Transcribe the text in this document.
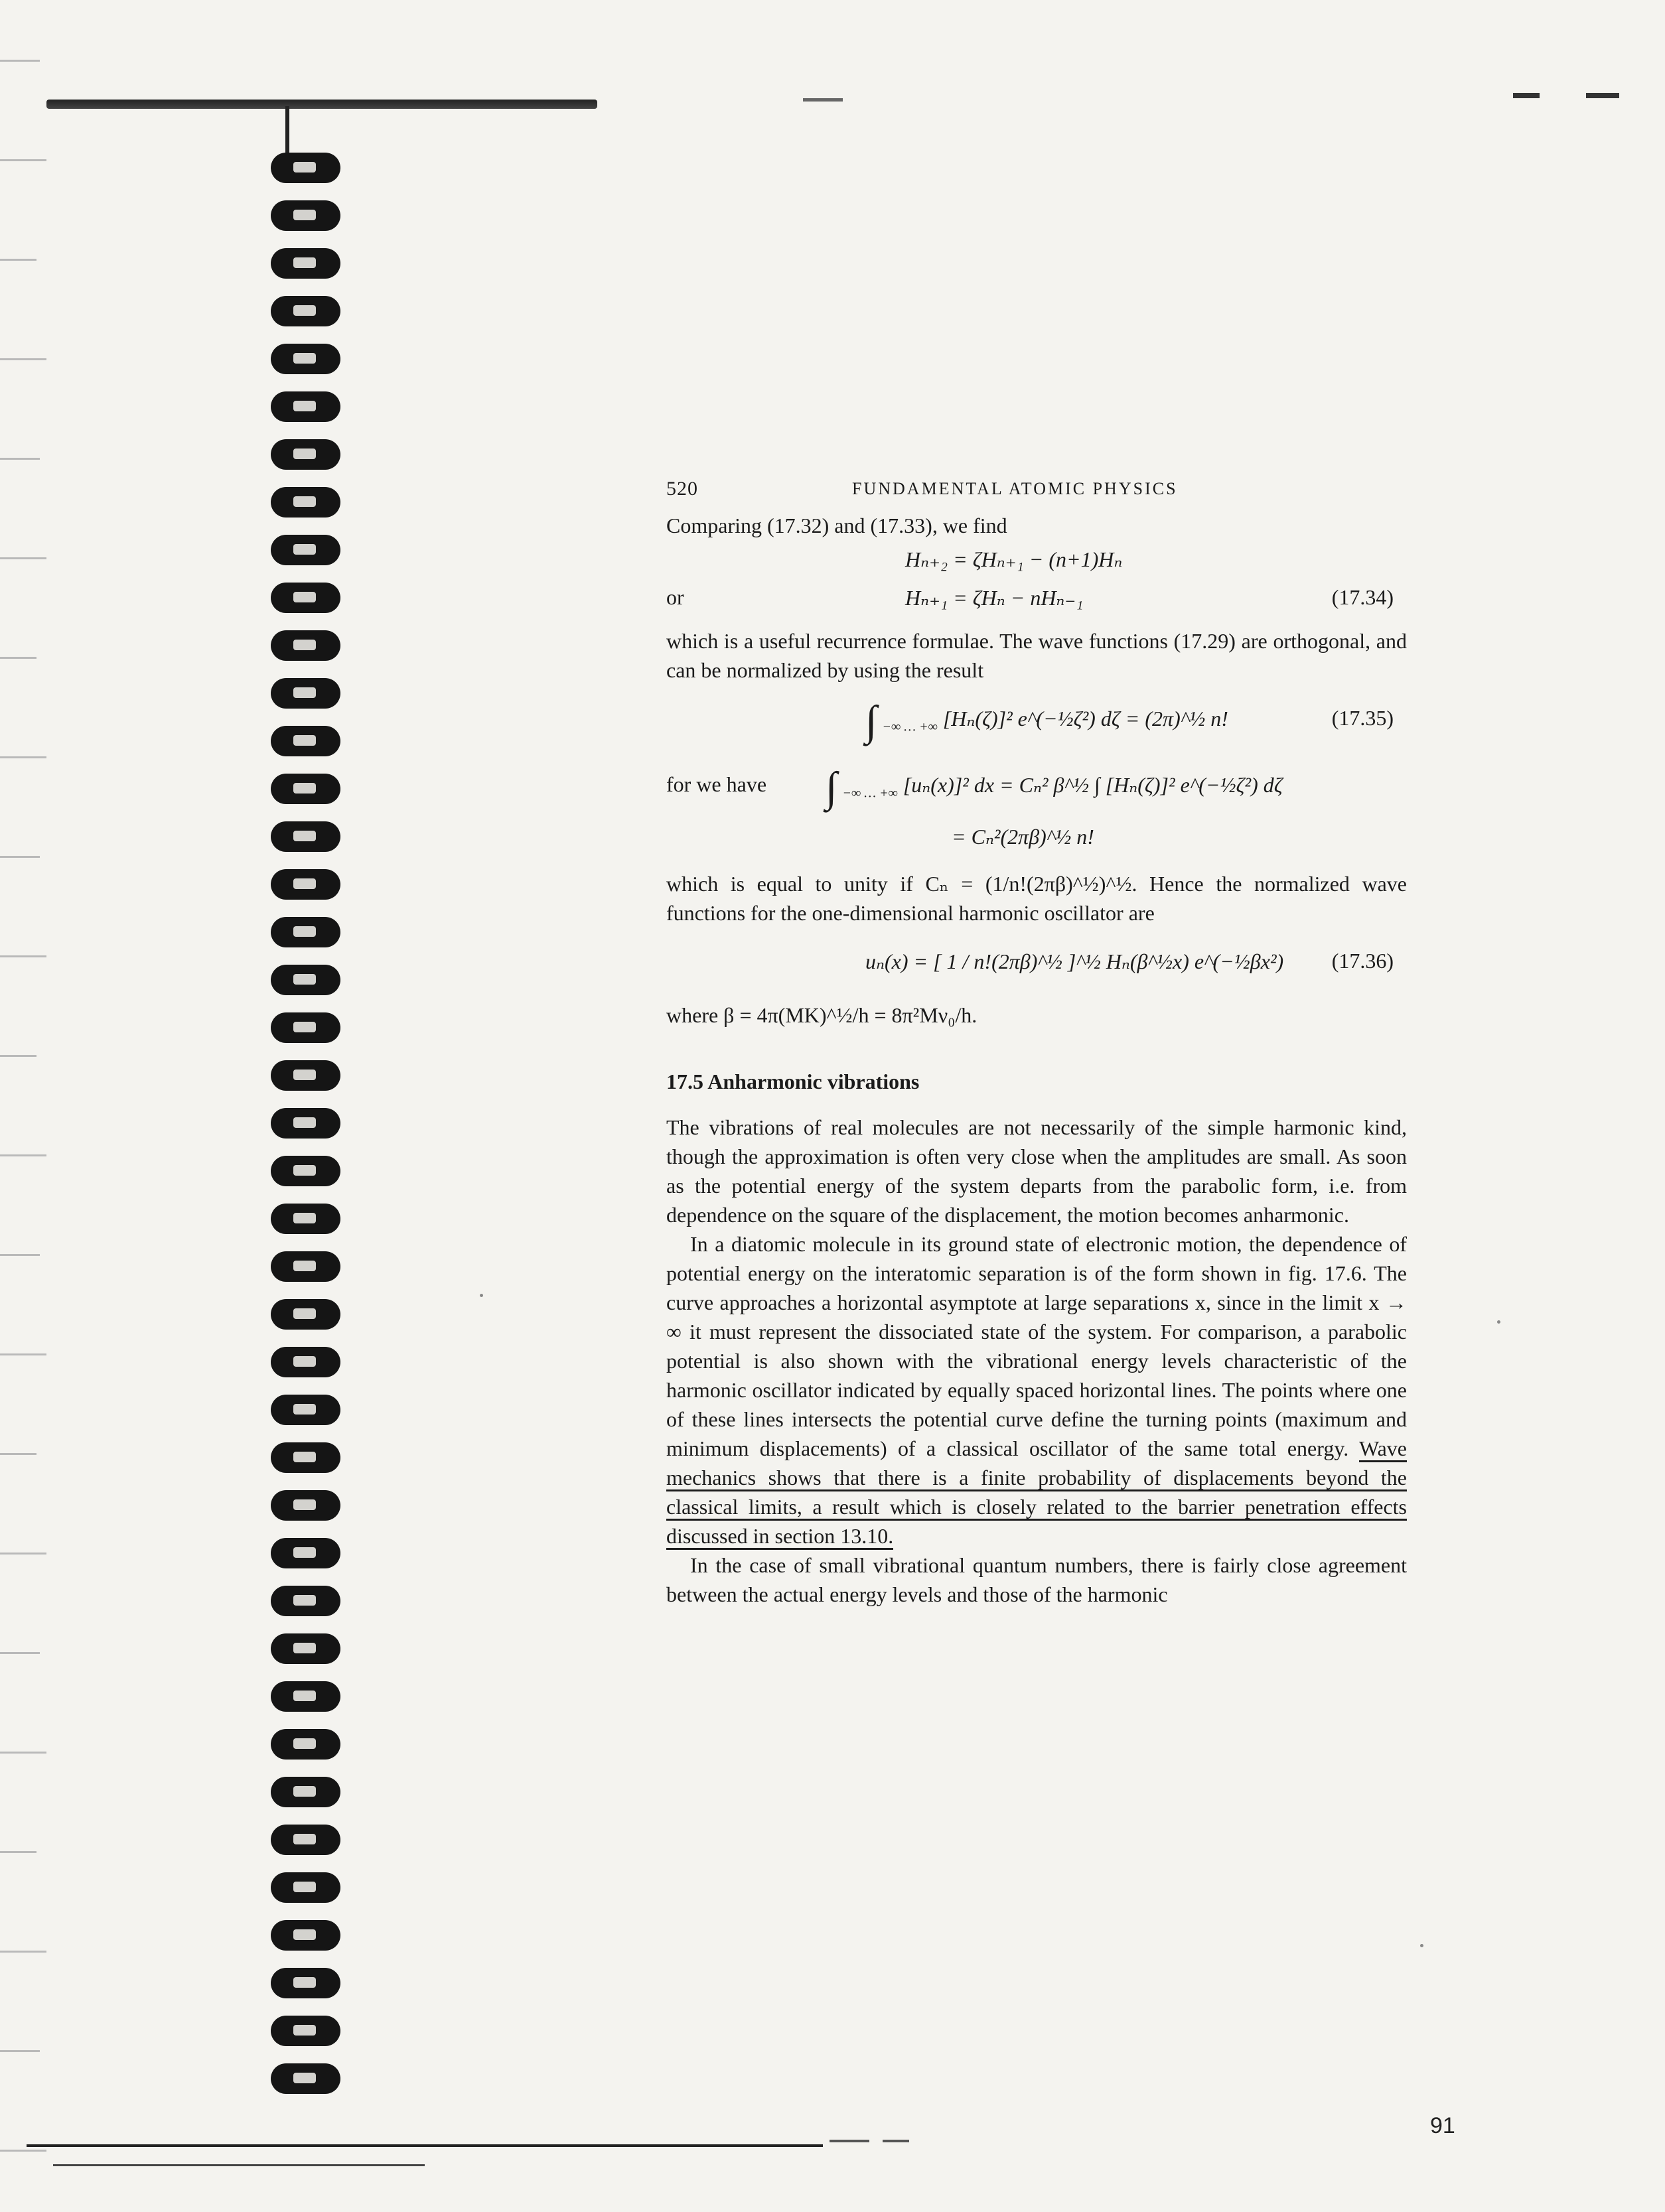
520	FUNDAMENTAL ATOMIC PHYSICS

Comparing (17.32) and (17.33), we find

Hₙ₊₂ = ζHₙ₊₁ − (n+1)Hₙ
or	Hₙ₊₁ = ζHₙ − nHₙ₋₁	(17.34)

which is a useful recurrence formulae. The wave functions (17.29) are orthogonal, and can be normalized by using the result

∫ $_{-\infty \dots +\infty}$ [Hₙ(ζ)]² e^(−½ζ²) dζ = (2π)^½ n!	(17.35)
for we have ∫ $_{-\infty \dots +\infty}$ [uₙ(x)]² dx = Cₙ² β^½ ∫ [Hₙ(ζ)]² e^(−½ζ²) dζ
= Cₙ²(2πβ)^½ n!

which is equal to unity if Cₙ = (1/n!(2πβ)^½)^½. Hence the normalized wave functions for the one-dimensional harmonic oscillator are

uₙ(x) = [ 1 / n!(2πβ)^½ ]^½ Hₙ(β^½x) e^(−½βx²) (17.36)

where β = 4π(MK)^½/h = 8π²Mν₀/h.

17.5 Anharmonic vibrations

The vibrations of real molecules are not necessarily of the simple harmonic kind, though the approximation is often very close when the amplitudes are small. As soon as the potential energy of the system departs from the parabolic form, i.e. from dependence on the square of the displacement, the motion becomes anharmonic.

In a diatomic molecule in its ground state of electronic motion, the dependence of potential energy on the interatomic separation is of the form shown in fig. 17.6. The curve approaches a horizontal asymptote at large separations x, since in the limit x → ∞ it must represent the dissociated state of the system. For comparison, a parabolic potential is also shown with the vibrational energy levels characteristic of the harmonic oscillator indicated by equally spaced horizontal lines. The points where one of these lines intersects the potential curve define the turning points (maximum and minimum displacements) of a classical oscillator of the same total energy. Wave mechanics shows that there is a finite probability of displacements beyond the classical limits, a result which is closely related to the barrier penetration effects discussed in section 13.10.

In the case of small vibrational quantum numbers, there is fairly close agreement between the actual energy levels and those of the harmonic

91
